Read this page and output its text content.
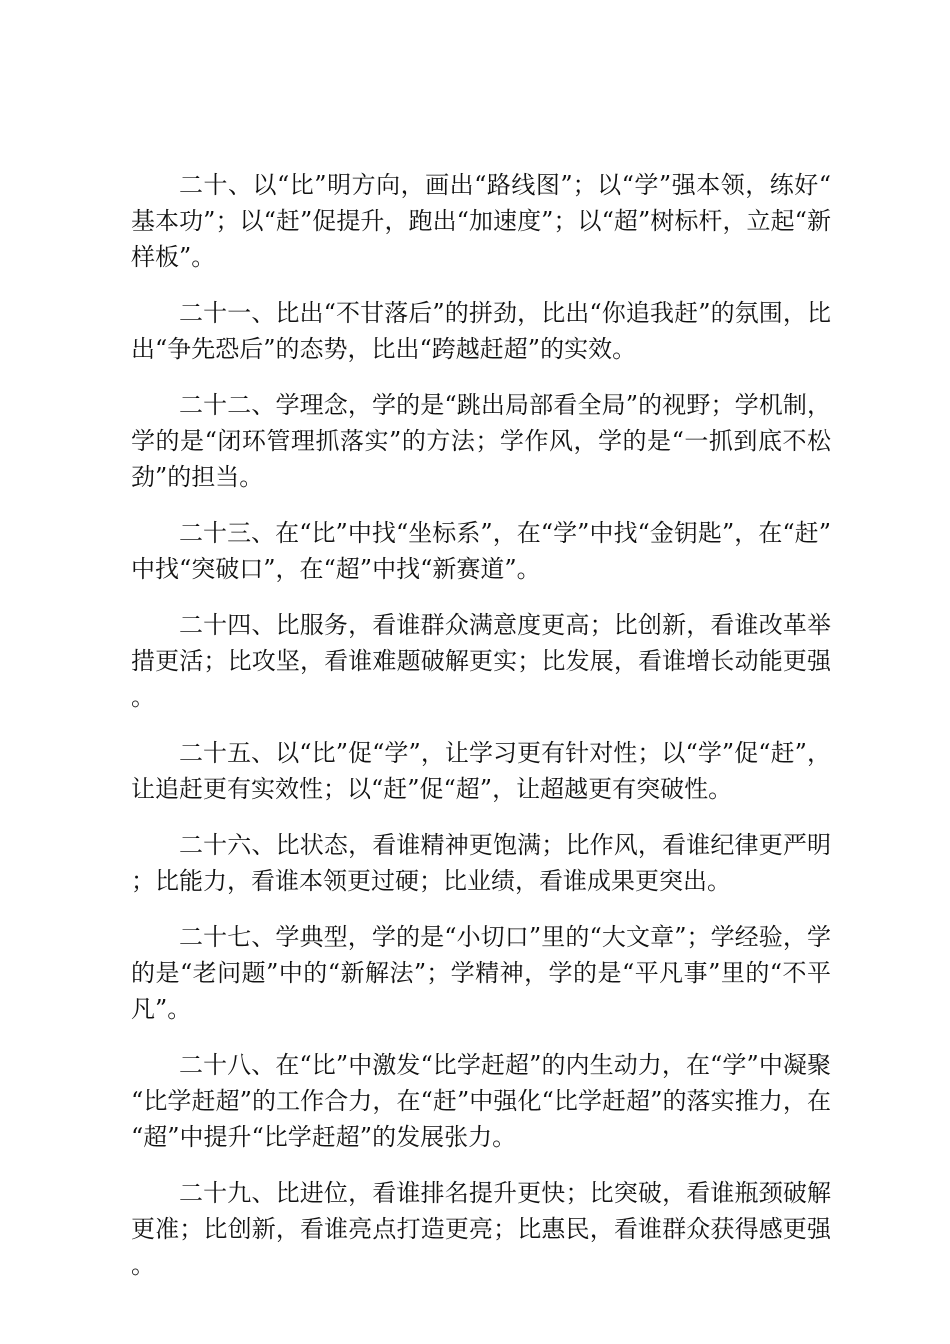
二十、以“比”明方向，画出“路线图”；以“学”强本领，练好“基本功”；以“赶”促提升，跑出“加速度”；以“超”树标杆，立起“新样板”。

二十一、比出“不甘落后”的拼劲，比出“你追我赶”的氛围，比出“争先恐后”的态势，比出“跨越赶超”的实效。

二十二、学理念，学的是“跳出局部看全局”的视野；学机制，学的是“闭环管理抓落实”的方法；学作风，学的是“一抓到底不松劲”的担当。

二十三、在“比”中找“坐标系”，在“学”中找“金钥匙”，在“赶”中找“突破口”，在“超”中找“新赛道”。

二十四、比服务，看谁群众满意度更高；比创新，看谁改革举措更活；比攻坚，看谁难题破解更实；比发展，看谁增长动能更强。

二十五、以“比”促“学”，让学习更有针对性；以“学”促“赶”，让追赶更有实效性；以“赶”促“超”，让超越更有突破性。

二十六、比状态，看谁精神更饱满；比作风，看谁纪律更严明；比能力，看谁本领更过硬；比业绩，看谁成果更突出。

二十七、学典型，学的是“小切口”里的“大文章”；学经验，学的是“老问题”中的“新解法”；学精神，学的是“平凡事”里的“不平凡”。

二十八、在“比”中激发“比学赶超”的内生动力，在“学”中凝聚“比学赶超”的工作合力，在“赶”中强化“比学赶超”的落实推力，在“超”中提升“比学赶超”的发展张力。

二十九、比进位，看谁排名提升更快；比突破，看谁瓶颈破解更准；比创新，看谁亮点打造更亮；比惠民，看谁群众获得感更强。
